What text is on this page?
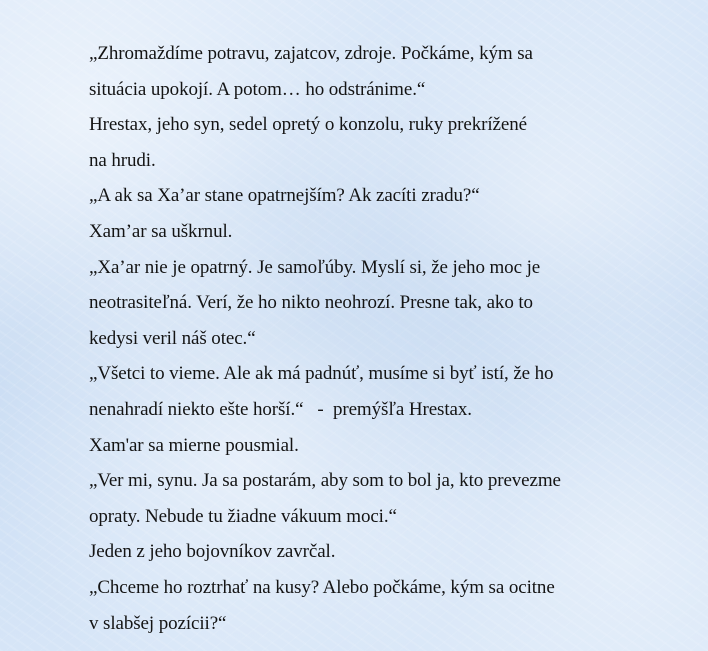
„Zhromaždíme potravu, zajatcov, zdroje. Počkáme, kým sa
situácia upokojí. A potom… ho odstránime.“
Hrestax, jeho syn, sedel opretý o konzolu, ruky prekrížené
na hrudi.
„A ak sa Xa’ar stane opatrnejším? Ak zacíti zradu?“
Xam’ar sa uškrnul.
„Xa’ar nie je opatrný. Je samoľúby. Myslí si, že jeho moc je
neotrasiteľná. Verí, že ho nikto neohrozí. Presne tak, ako to
kedysi veril náš otec.“
„Všetci to vieme. Ale ak má padnúť, musíme si byť istí, že ho
nenahradí niekto ešte horší.“   -  premýšľa Hrestax.
Xam'ar sa mierne pousmial.
„Ver mi, synu. Ja sa postarám, aby som to bol ja, kto prevezme
opraty. Nebude tu žiadne vákuum moci.“
Jeden z jeho bojovníkov zavrčal.
„Chceme ho roztrhať na kusy? Alebo počkáme, kým sa ocitne
v slabšej pozícii?“
